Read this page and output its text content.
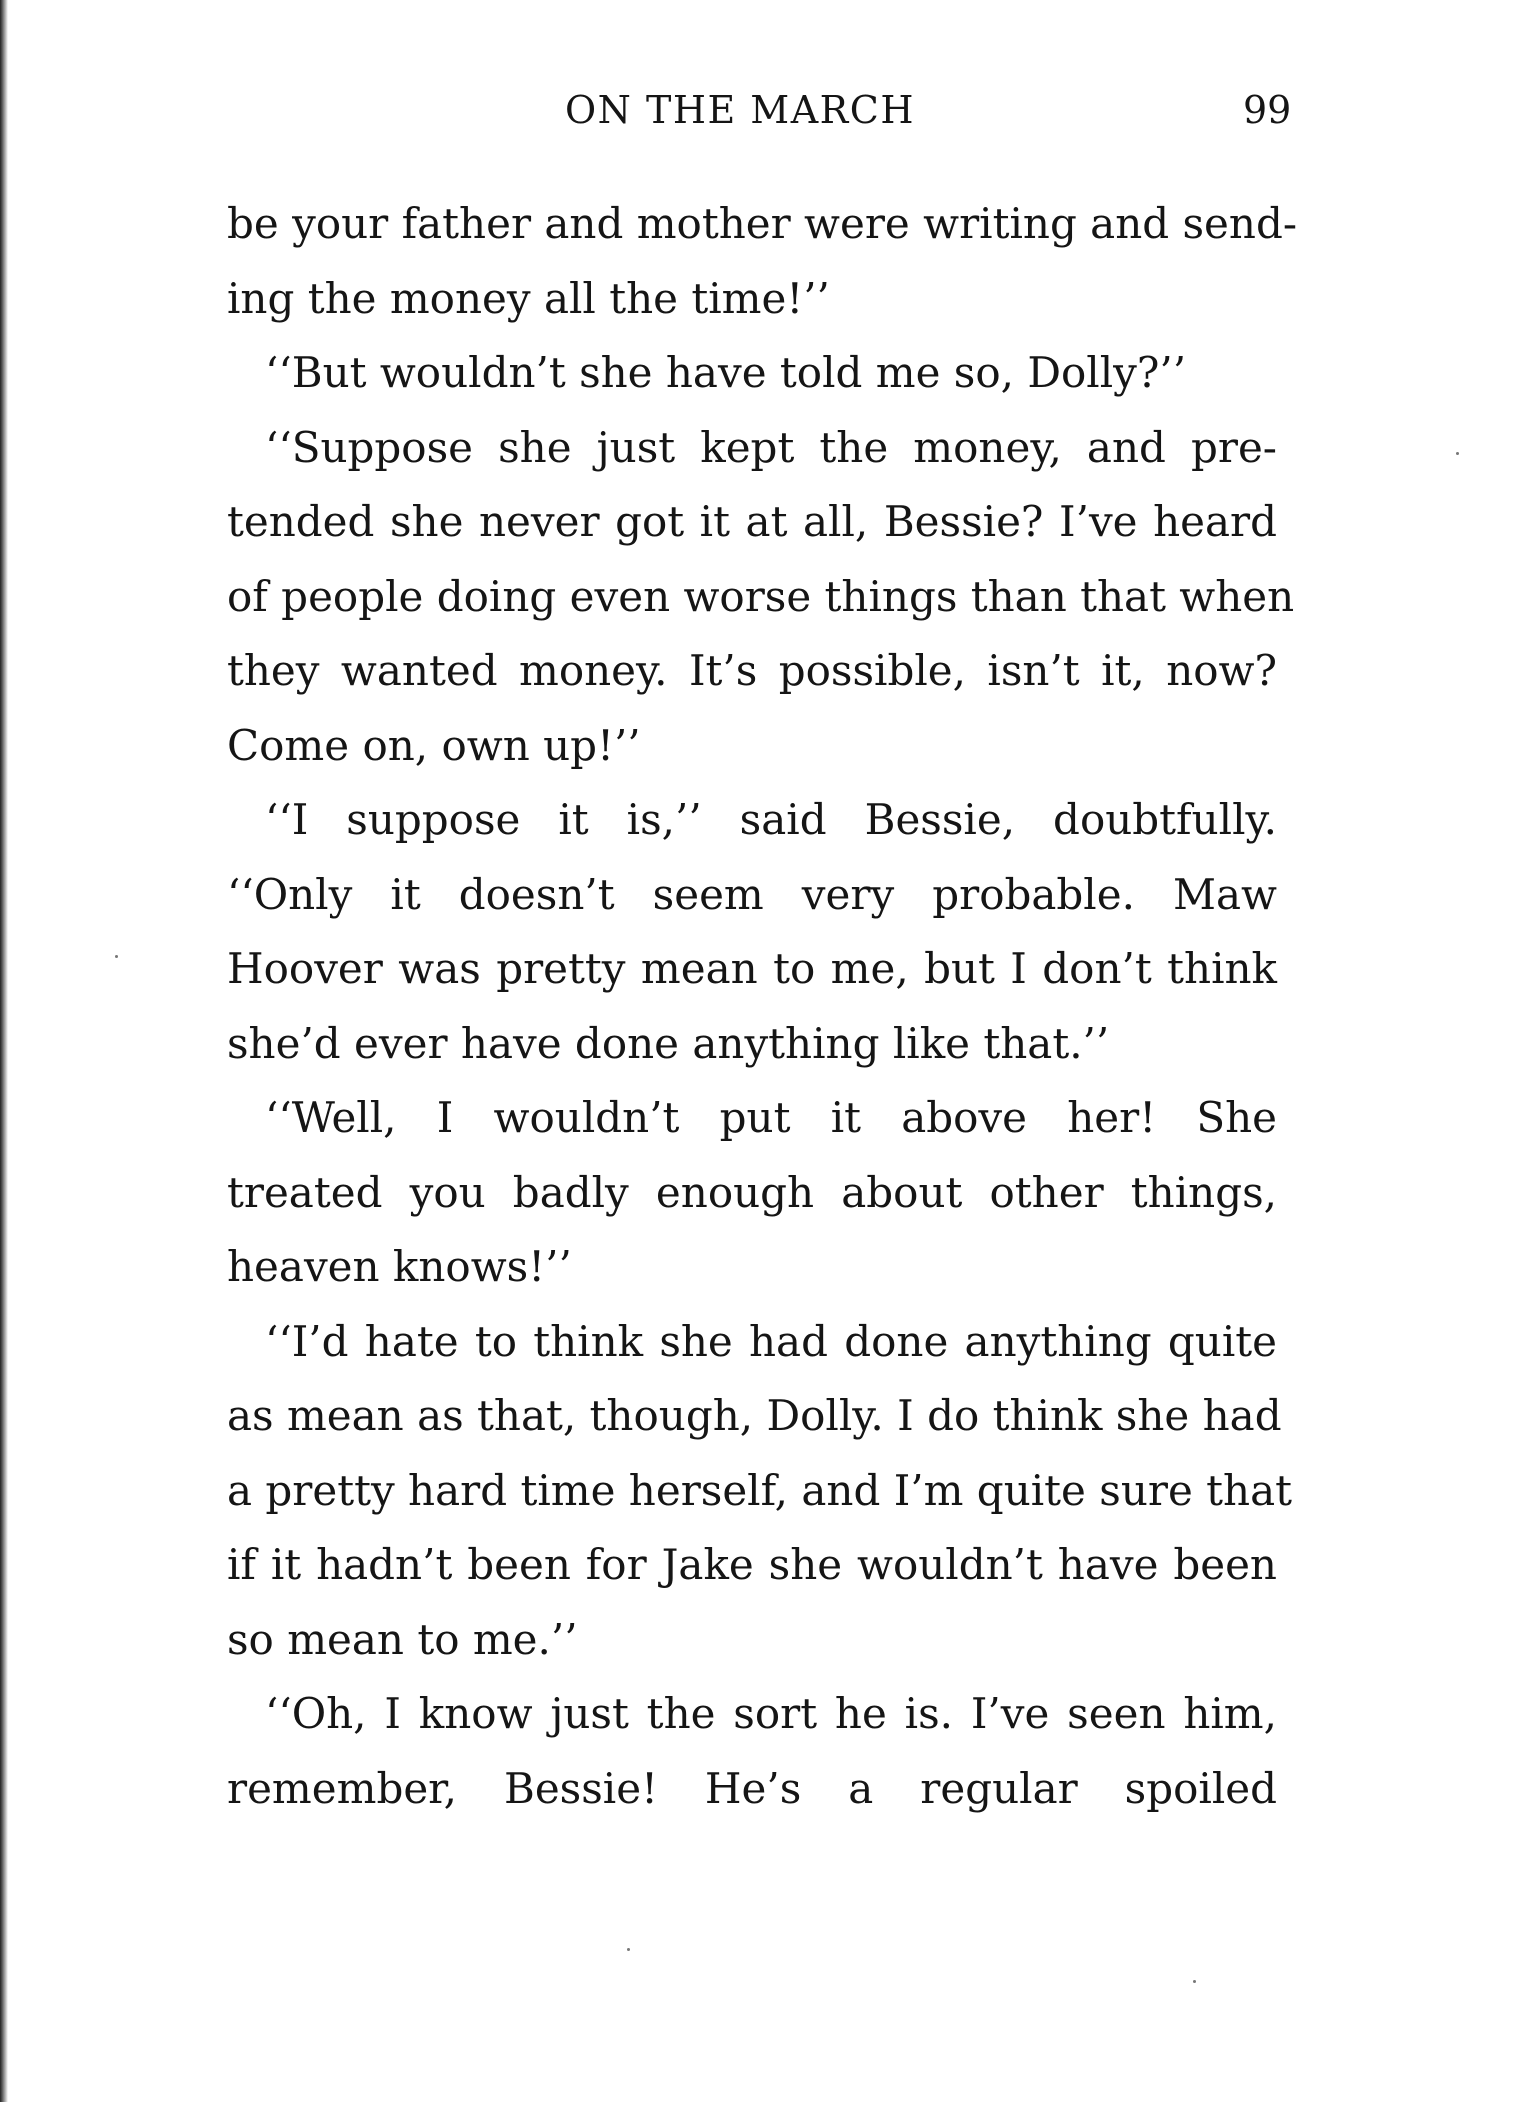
ON THE MARCH	99
be your father and mother were writing and send-
ing the money all the time!’’
‘‘But wouldn’t she have told me so, Dolly?’’
‘‘Suppose she just kept the money, and pre-
tended she never got it at all, Bessie? I’ve heard
of people doing even worse things than that when
they wanted money. It’s possible, isn’t it, now?
Come on, own up!’’
‘‘I suppose it is,’’ said Bessie, doubtfully.
‘‘Only it doesn’t seem very probable. Maw
Hoover was pretty mean to me, but I don’t think
she’d ever have done anything like that.’’
‘‘Well, I wouldn’t put it above her! She
treated you badly enough about other things,
heaven knows!’’
‘‘I’d hate to think she had done anything quite
as mean as that, though, Dolly. I do think she had
a pretty hard time herself, and I’m quite sure that
if it hadn’t been for Jake she wouldn’t have been
so mean to me.’’
‘‘Oh, I know just the sort he is. I’ve seen him,
remember, Bessie! He’s a regular spoiled
